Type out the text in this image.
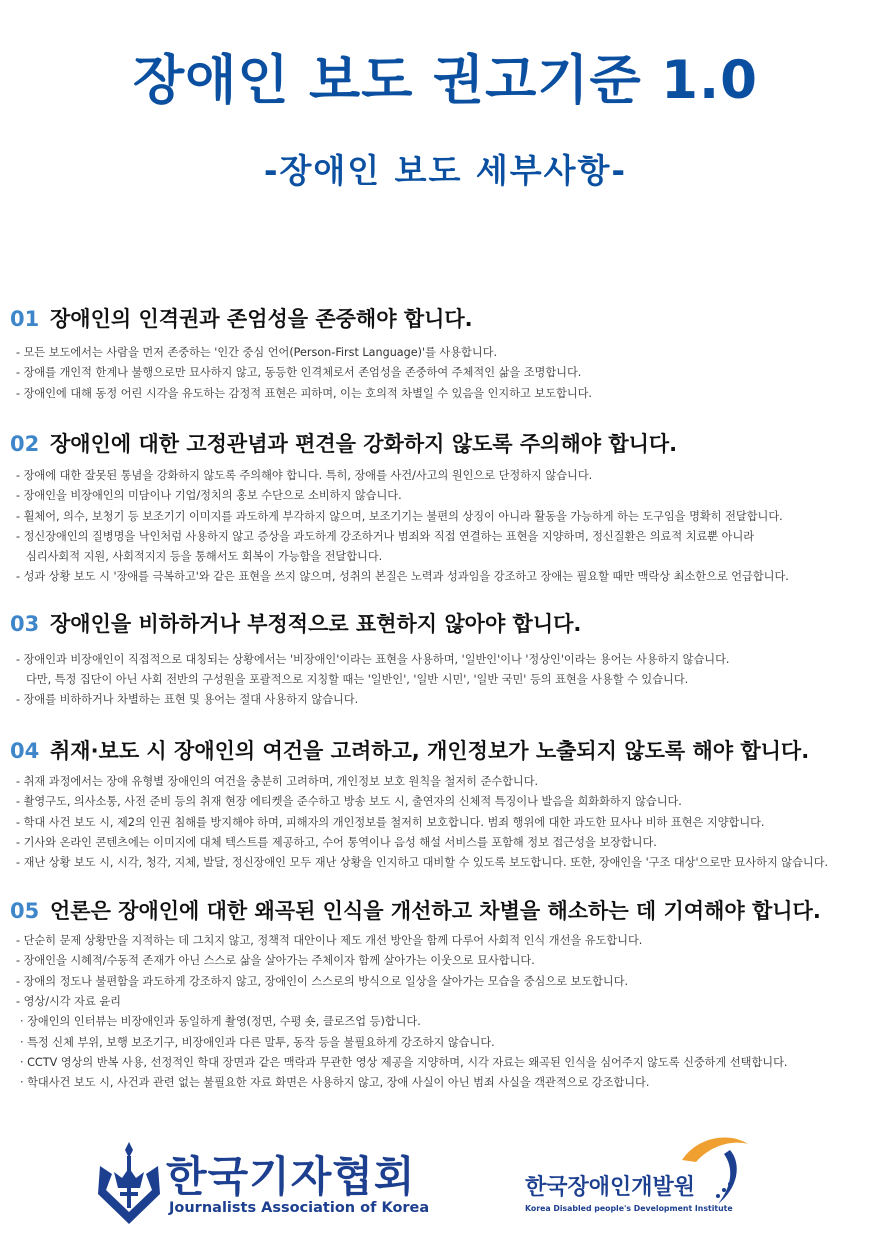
장애인 보도 권고기준 1.0
-장애인 보도 세부사항-
01 장애인의 인격권과 존엄성을 존중해야 합니다.
- 모든 보도에서는 사람을 먼저 존중하는 '인간 중심 언어(Person-First Language)'를 사용합니다.
- 장애를 개인적 한계나 불행으로만 묘사하지 않고, 동등한 인격체로서 존엄성을 존중하여 주체적인 삶을 조명합니다.
- 장애인에 대해 동정 어린 시각을 유도하는 감정적 표현은 피하며, 이는 호의적 차별일 수 있음을 인지하고 보도합니다.
02 장애인에 대한 고정관념과 편견을 강화하지 않도록 주의해야 합니다.
- 장애에 대한 잘못된 통념을 강화하지 않도록 주의해야 합니다. 특히, 장애를 사건/사고의 원인으로 단정하지 않습니다.
- 장애인을 비장애인의 미담이나 기업/정치의 홍보 수단으로 소비하지 않습니다.
- 휠체어, 의수, 보청기 등 보조기기 이미지를 과도하게 부각하지 않으며, 보조기기는 불편의 상징이 아니라 활동을 가능하게 하는 도구임을 명확히 전달합니다.
- 정신장애인의 질병명을 낙인처럼 사용하지 않고 증상을 과도하게 강조하거나 범죄와 직접 연결하는 표현을 지양하며, 정신질환은 의료적 치료뿐 아니라
심리사회적 지원, 사회적지지 등을 통해서도 회복이 가능함을 전달합니다.
- 성과 상황 보도 시 '장애를 극복하고'와 같은 표현을 쓰지 않으며, 성취의 본질은 노력과 성과임을 강조하고 장애는 필요할 때만 맥락상 최소한으로 언급합니다.
03 장애인을 비하하거나 부정적으로 표현하지 않아야 합니다.
- 장애인과 비장애인이 직접적으로 대칭되는 상황에서는 '비장애인'이라는 표현을 사용하며, '일반인'이나 '정상인'이라는 용어는 사용하지 않습니다.
다만, 특정 집단이 아닌 사회 전반의 구성원을 포괄적으로 지칭할 때는 '일반인', '일반 시민', '일반 국민' 등의 표현을 사용할 수 있습니다.
- 장애를 비하하거나 차별하는 표현 및 용어는 절대 사용하지 않습니다.
04 취재·보도 시 장애인의 여건을 고려하고, 개인정보가 노출되지 않도록 해야 합니다.
- 취재 과정에서는 장애 유형별 장애인의 여건을 충분히 고려하며, 개인정보 보호 원칙을 철저히 준수합니다.
- 촬영구도, 의사소통, 사전 준비 등의 취재 현장 에티켓을 준수하고 방송 보도 시, 출연자의 신체적 특징이나 발음을 희화화하지 않습니다.
- 학대 사건 보도 시, 제2의 인권 침해를 방지해야 하며, 피해자의 개인정보를 철저히 보호합니다. 범죄 행위에 대한 과도한 묘사나 비하 표현은 지양합니다.
- 기사와 온라인 콘텐츠에는 이미지에 대체 텍스트를 제공하고, 수어 통역이나 음성 해설 서비스를 포함해 정보 접근성을 보장합니다.
- 재난 상황 보도 시, 시각, 청각, 지체, 발달, 정신장애인 모두 재난 상황을 인지하고 대비할 수 있도록 보도합니다. 또한, 장애인을 '구조 대상'으로만 묘사하지 않습니다.
05 언론은 장애인에 대한 왜곡된 인식을 개선하고 차별을 해소하는 데 기여해야 합니다.
- 단순히 문제 상황만을 지적하는 데 그치지 않고, 정책적 대안이나 제도 개선 방안을 함께 다루어 사회적 인식 개선을 유도합니다.
- 장애인을 시혜적/수동적 존재가 아닌 스스로 삶을 살아가는 주체이자 함께 살아가는 이웃으로 묘사합니다.
- 장애의 정도나 불편함을 과도하게 강조하지 않고, 장애인이 스스로의 방식으로 일상을 살아가는 모습을 중심으로 보도합니다.
- 영상/시각 자료 윤리
· 장애인의 인터뷰는 비장애인과 동일하게 촬영(정면, 수평 숏, 클로즈업 등)합니다.
· 특정 신체 부위, 보행 보조기구, 비장애인과 다른 말투, 동작 등을 불필요하게 강조하지 않습니다.
· CCTV 영상의 반복 사용, 선정적인 학대 장면과 같은 맥락과 무관한 영상 제공을 지양하며, 시각 자료는 왜곡된 인식을 심어주지 않도록 신중하게 선택합니다.
· 학대사건 보도 시, 사건과 관련 없는 불필요한 자료 화면은 사용하지 않고, 장애 사실이 아닌 범죄 사실을 객관적으로 강조합니다.
한국기자협회
Journalists Association of Korea
한국장애인개발원
Korea Disabled people's Development Institute
